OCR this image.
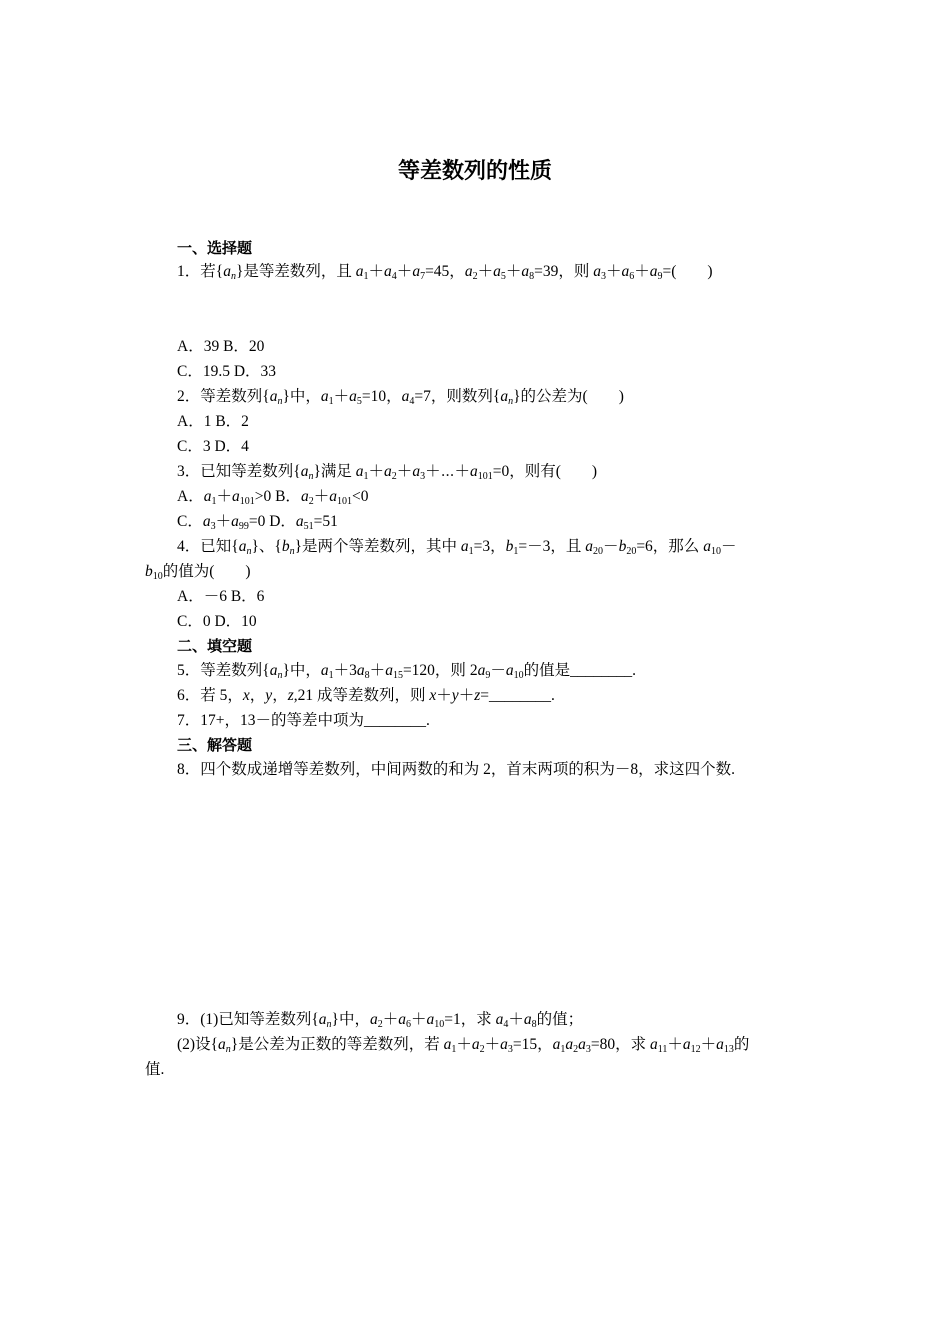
等差数列的性质
一、选择题
1．若$\{a_n\}$是等差数列，且 $a_1+a_4+a_7=45$，$a_2+a_5+a_8=39$，则 $a_3+a_6+a_9=$(　　)
A．39 B．20
C．19.5 D．33
2．等差数列$\{a_n\}$中，$a_1+a_5=10$，$a_4=7$，则数列$\{a_n\}$的公差为(　　)
A．1 B．2
C．3 D．4
3．已知等差数列$\{a_n\}$满足 $a_1+a_2+a_3+\cdots+a_{101}=0$，则有(　　)
A．$a_1+a_{101}>0$ B．$a_2+a_{101}<0$
C．$a_3+a_{99}=0$ D．$a_{51}=51$
4．已知$\{a_n\}$、$\{b_n\}$是两个等差数列，其中 $a_1=3$，$b_1=-3$，且 $a_{20}-b_{20}=6$，那么 $a_{10}-$
$b_{10}$的值为(　　)
A．－6 B．6
C．0 D．10
二、填空题
5．等差数列$\{a_n\}$中，$a_1+3a_8+a_{15}=120$，则 $2a_9-a_{10}$的值是________.
6．若 5，x，y，z,21 成等差数列，则 x＋y＋z=________.
7．17+，13－的等差中项为________.
三、解答题
8．四个数成递增等差数列，中间两数的和为 2，首末两项的积为－8，求这四个数.
9．(1)已知等差数列$\{a_n\}$中，$a_2+a_6+a_{10}=1$，求 $a_4+a_8$的值；
(2)设$\{a_n\}$是公差为正数的等差数列，若 $a_1+a_2+a_3=15$，$a_1a_2a_3=80$，求 $a_{11}+a_{12}+a_{13}$的
值.
